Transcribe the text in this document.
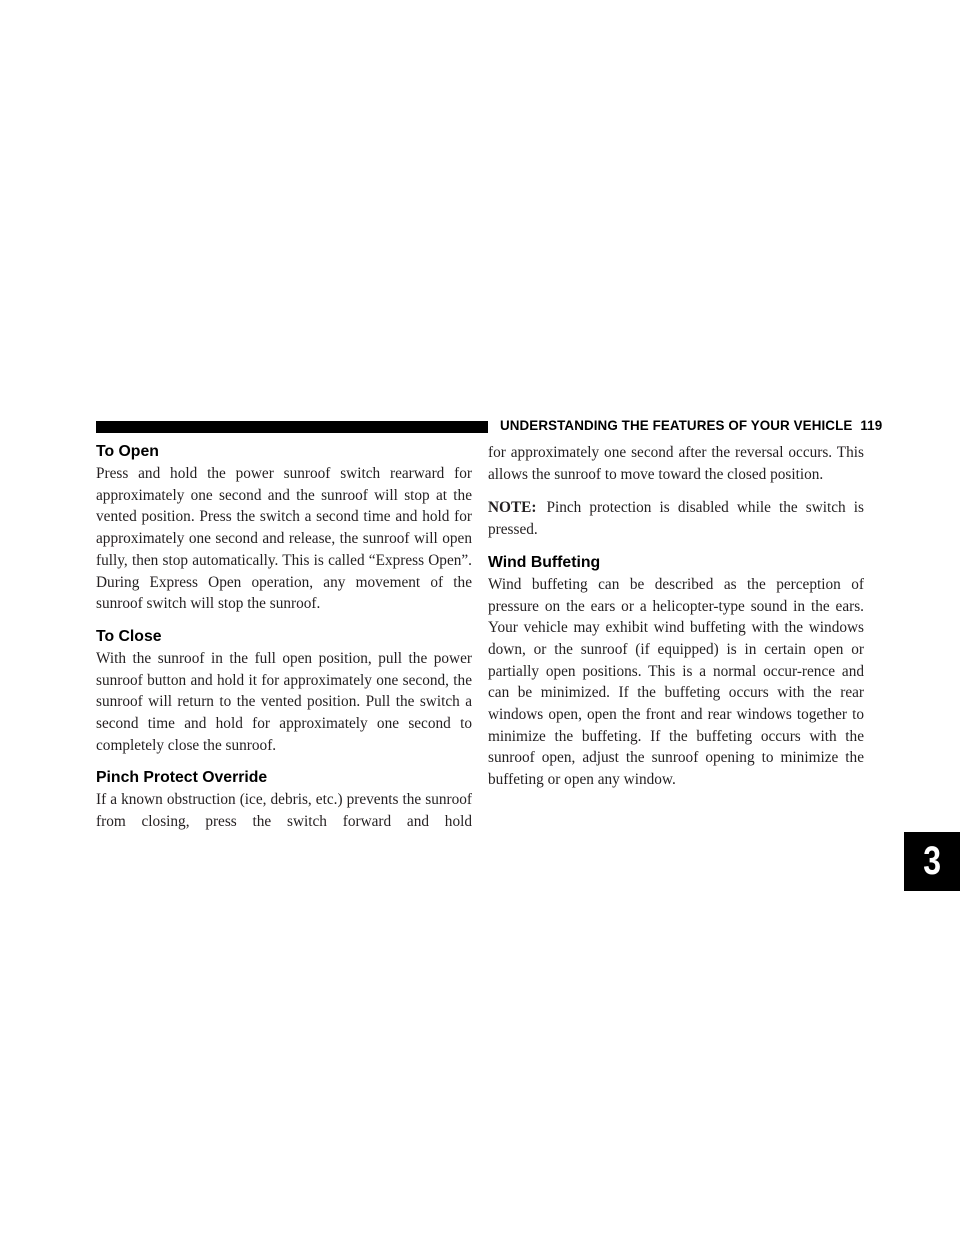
UNDERSTANDING THE FEATURES OF YOUR VEHICLE 119
3
To Open

Press and hold the power sunroof switch rearward for approximately one second and the sunroof will stop at the vented position. Press the switch a second time and hold for approximately one second and release, the sunroof will open fully, then stop automatically. This is called “Express Open”. During Express Open operation, any movement of the sunroof switch will stop the sunroof.

To Close

With the sunroof in the full open position, pull the power sunroof button and hold it for approximately one second, the sunroof will return to the vented position. Pull the switch a second time and hold for approximately one second to completely close the sunroof.

Pinch Protect Override

If a known obstruction (ice, debris, etc.) prevents the sunroof from closing, press the switch forward and hold

for approximately one second after the reversal occurs. This allows the sunroof to move toward the closed position.

NOTE: Pinch protection is disabled while the switch is pressed.

Wind Buffeting

Wind buffeting can be described as the perception of pressure on the ears or a helicopter-type sound in the ears. Your vehicle may exhibit wind buffeting with the windows down, or the sunroof (if equipped) is in certain open or partially open positions. This is a normal occur-rence and can be minimized. If the buffeting occurs with the rear windows open, open the front and rear windows together to minimize the buffeting. If the buffeting occurs with the sunroof open, adjust the sunroof opening to minimize the buffeting or open any window.
